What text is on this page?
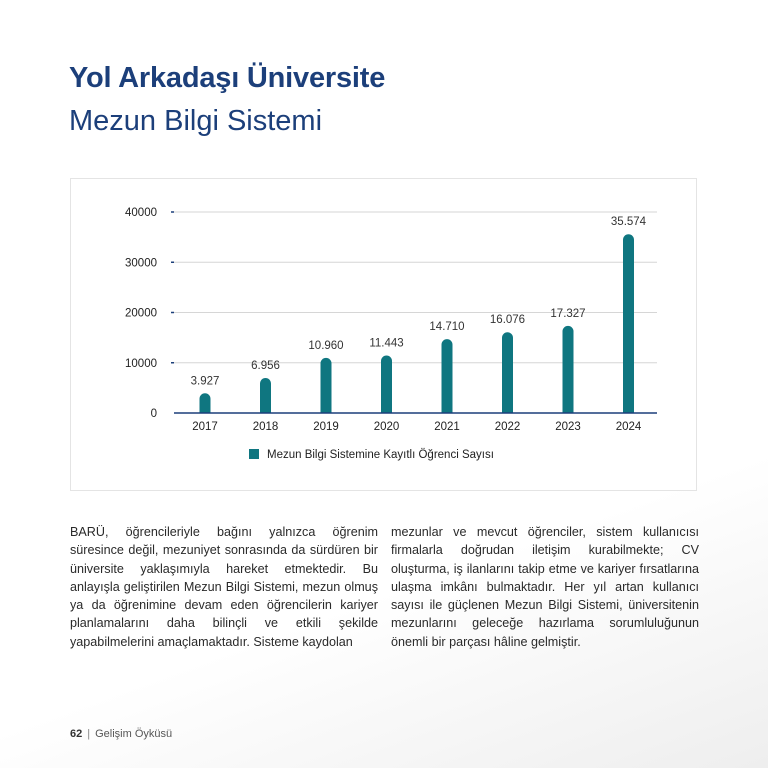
Yol Arkadaşı Üniversite
Mezun Bilgi Sistemi
0
10000
20000
30000
40000
3.927
2017
6.956
2018
10.960
2019
11.443
2020
14.710
2021
16.076
2022
17.327
2023
35.574
2024
Mezun Bilgi Sistemine Kayıtlı Öğrenci Sayısı

BARÜ, öğrencileriyle bağını yalnızca öğrenim süresince değil, mezuniyet sonrasında da sürdüren bir üniversite yaklaşımıyla hareket etmektedir. Bu anlayışla geliştirilen Mezun Bilgi Sistemi, mezun olmuş ya da öğrenimine devam eden öğrencilerin kariyer planlamalarını daha bilinçli ve etkili şekilde yapabilmelerini amaçlamaktadır. Sisteme kaydolan

mezunlar ve mevcut öğrenciler, sistem kullanıcısı firmalarla doğrudan iletişim kurabilmekte; CV oluşturma, iş ilanlarını takip etme ve kariyer fırsatlarına ulaşma imkânı bulmaktadır. Her yıl artan kullanıcı sayısı ile güçlenen Mezun Bilgi Sistemi, üniversitenin mezunlarını geleceğe hazırlama sorumluluğunun önemli bir parçası hâline gelmiştir.

62 | Gelişim Öyküsü
